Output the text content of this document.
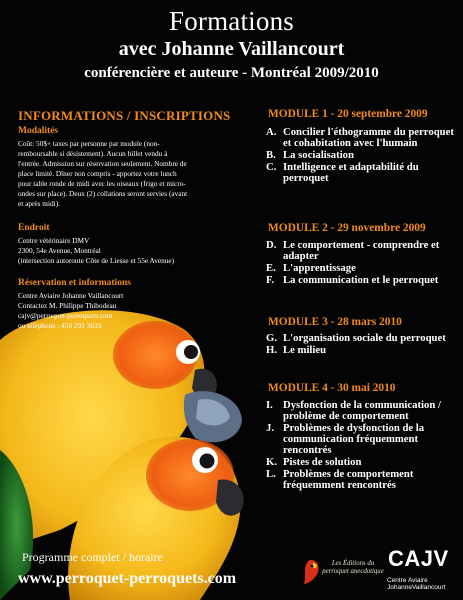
Formations
avec Johanne Vaillancourt
conférencière et auteure - Montréal 2009/2010
INFORMATIONS / INSCRIPTIONS
Modalités
Coût: 50$+ taxes par personne par module (non-
remboursable si désistement). Aucun billet vendu à
l'entrée. Admission sur réservation seulement. Nombre de
place limité. Dîner non compris - apportez votre lunch
pour table ronde de midi avec les oiseaux (frigo et micro-
ondes sur place). Deux (2) collations seront servies (avant
et après midi).
Endroit
Centre vétérinaire DMV
2300, 54e Avenue, Montréal
(intersection autoroute Côte de Liesse et 55e Avenue)
Réservation et informations
Centre Aviaire Johanne Vaillancourt
Contactez M. Philippe Thibodeau
cajv@perroquet-perroquets.com
ou téléphone : 450 291 3633
MODULE 1 - 20 septembre 2009
A. Concilier l'éthogramme du perroquet et cohabitation avec l'humain
B. La socialisation
C. Intelligence et adaptabilité du perroquet
MODULE 2 - 29 novembre 2009
D. Le comportement - comprendre et adapter
E. L'apprentissage
F. La communication et le perroquet
MODULE 3 - 28 mars 2010
G. L'organisation sociale du perroquet
H. Le milieu
MODULE 4 - 30 mai 2010
I. Dysfonction de la communication / problème de comportement
J. Problèmes de dysfonction de la communication fréquemment rencontrés
K. Pistes de solution
L. Problèmes de comportement fréquemment rencontrés
Programme complet / horaire
www.perroquet-perroquets.com
Les Éditions du
perroquet anecdotique
CAJV
Centre Aviaire
JohanneVaillancourt
